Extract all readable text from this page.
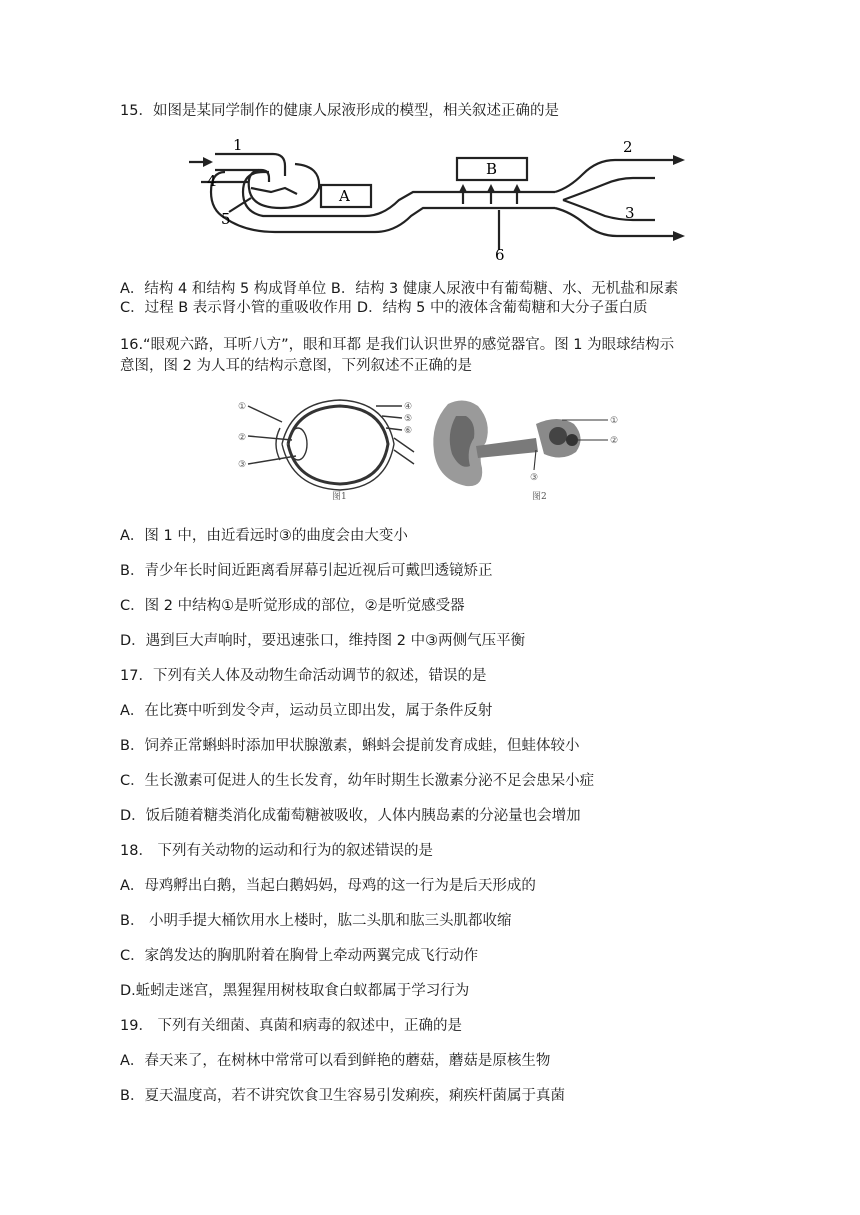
15．如图是某同学制作的健康人尿液形成的模型，相关叙述正确的是
1	2
3
4
5
6
A
B
A．结构 4 和结构 5 构成肾单位 B．结构 3 健康人尿液中有葡萄糖、水、无机盐和尿素
C．过程 B 表示肾小管的重吸收作用 D．结构 5 中的液体含葡萄糖和大分子蛋白质
16.“眼观六路，耳听八方”，眼和耳都 是我们认识世界的感觉器官。图 1 为眼球结构示
意图，图 2 为人耳的结构示意图，下列叙述不正确的是
①
②
③
④
⑤
⑥
图1
①
②
③
图2
A．图 1 中，由近看远时③的曲度会由大变小
B．青少年长时间近距离看屏幕引起近视后可戴凹透镜矫正
C．图 2 中结构①是听觉形成的部位，②是听觉感受器
D．遇到巨大声响时，要迅速张口，维持图 2 中③两侧气压平衡
17．下列有关人体及动物生命活动调节的叙述，错误的是
A．在比赛中听到发令声，运动员立即出发，属于条件反射
B．饲养正常蝌蚪时添加甲状腺激素，蝌蚪会提前发育成蛙，但蛙体较小
C．生长激素可促进人的生长发育，幼年时期生长激素分泌不足会患呆小症
D．饭后随着糖类消化成葡萄糖被吸收，人体内胰岛素的分泌量也会增加
18． 下列有关动物的运动和行为的叙述错误的是
A．母鸡孵出白鹅，当起白鹅妈妈，母鸡的这一行为是后天形成的
B． 小明手提大桶饮用水上楼时，肱二头肌和肱三头肌都收缩
C．家鸽发达的胸肌附着在胸骨上牵动两翼完成飞行动作
D.蚯蚓走迷宫，黑猩猩用树枝取食白蚁都属于学习行为
19． 下列有关细菌、真菌和病毒的叙述中，正确的是
A．春天来了，在树林中常常可以看到鲜艳的蘑菇，蘑菇是原核生物
B．夏天温度高，若不讲究饮食卫生容易引发痢疾，痢疾杆菌属于真菌
